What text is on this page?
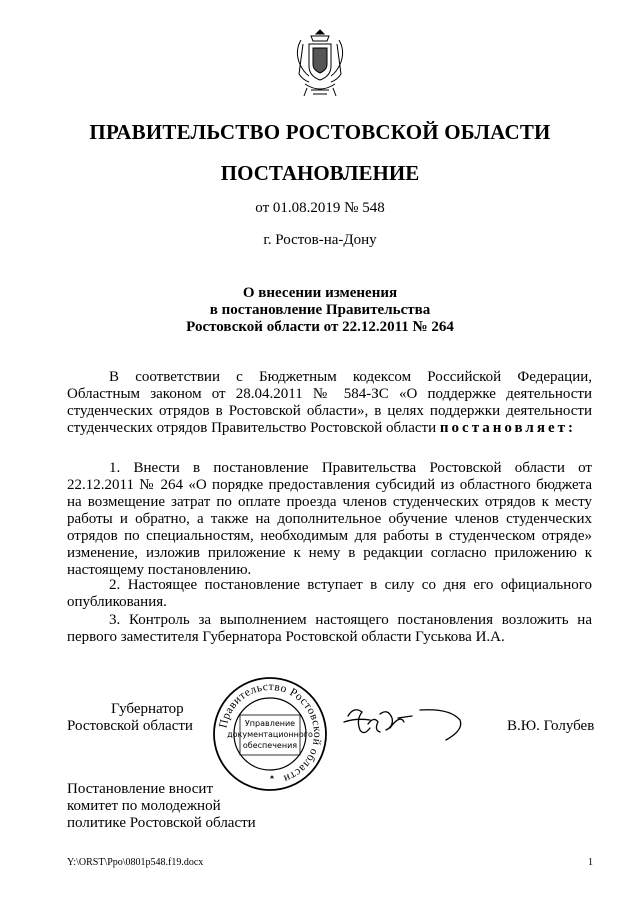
ПРАВИТЕЛЬСТВО РОСТОВСКОЙ ОБЛАСТИ
ПОСТАНОВЛЕНИЕ
от 01.08.2019 № 548
г. Ростов-на-Дону
О внесении изменения
в постановление Правительства
Ростовской области от 22.12.2011 № 264
В соответствии с Бюджетным кодексом Российской Федерации, Областным законом от 28.04.2011 № 584-ЗС «О поддержке деятельности студенческих отрядов в Ростовской области», в целях поддержки деятельности студенческих отрядов Правительство Ростовской области постановляет:
1. Внести в постановление Правительства Ростовской области от 22.12.2011 № 264 «О порядке предоставления субсидий из областного бюджета на возмещение затрат по оплате проезда членов студенческих отрядов к месту работы и обратно, а также на дополнительное обучение членов студенческих отрядов по специальностям, необходимым для работы в студенческом отряде» изменение, изложив приложение к нему в редакции согласно приложению к настоящему постановлению.
2. Настоящее постановление вступает в силу со дня его официального опубликования.
3. Контроль за выполнением настоящего постановления возложить на первого заместителя Губернатора Ростовской области Гуськова И.А.
Губернатор
Ростовской области Правительство Ростовской области
Управление
документационного
обеспечения
В.Ю. Голубев
Постановление вносит
комитет по молодежной
политике Ростовской области
Y:\ORST\Ppo\0801p548.f19.docx	1
